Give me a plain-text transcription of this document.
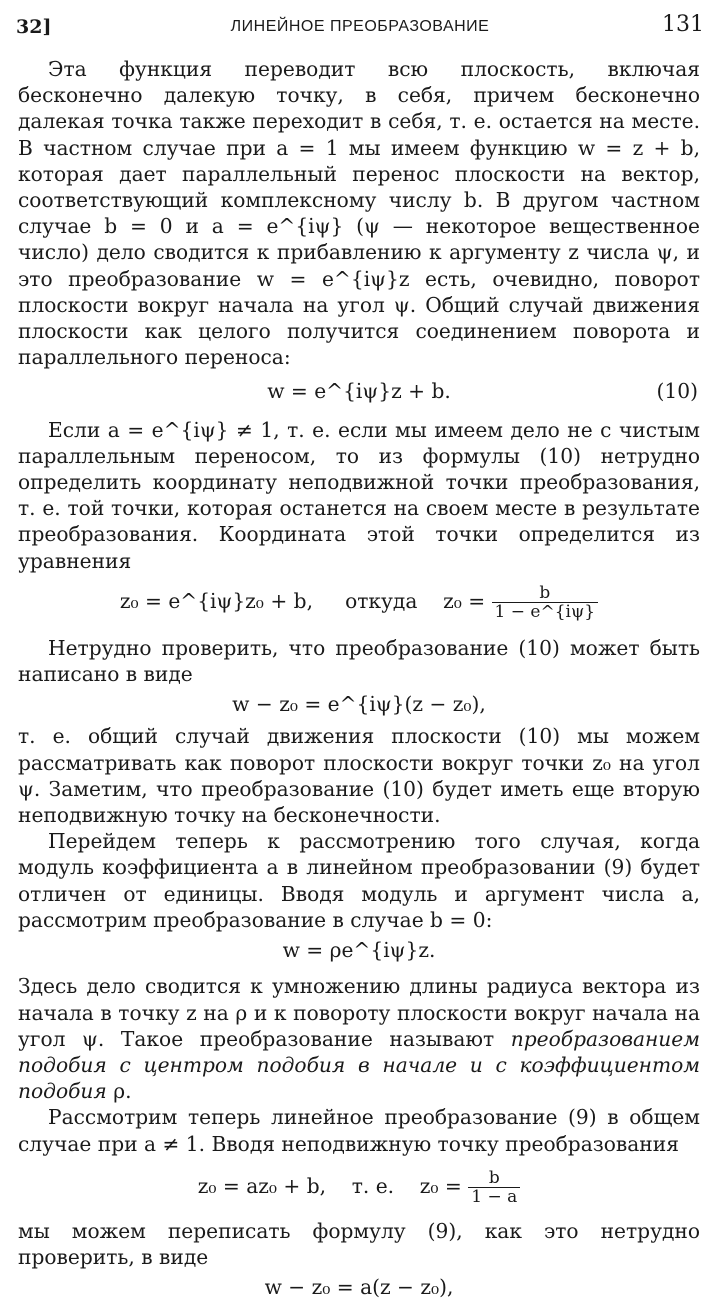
32]	ЛИНЕЙНОЕ ПРЕОБРАЗОВАНИЕ	131

Эта функция переводит всю плоскость, включая бесконечно далекую точку, в себя, причем бесконечно далекая точка также переходит в себя, т. е. остается на месте. В частном случае при a = 1 мы имеем функцию w = z + b, которая дает параллельный перенос плоскости на вектор, соответствующий комплексному числу b. В другом частном случае b = 0 и a = e^{iψ} (ψ — некоторое вещественное число) дело сводится к прибавлению к аргументу z числа ψ, и это преобразование w = e^{iψ}z есть, очевидно, поворот плоскости вокруг начала на угол ψ. Общий случай движения плоскости как целого получится соединением поворота и параллельного переноса:

w = e^{iψ}z + b.	(10)

Если a = e^{iψ} ≠ 1, т. е. если мы имеем дело не с чистым параллельным переносом, то из формулы (10) нетрудно определить координату неподвижной точки преобразования, т. е. той точки, которая останется на своем месте в результате преобразования. Координата этой точки определится из уравнения

z₀ = e^{iψ}z₀ + b, откуда $z_0 = \frac{b}{1 - e\^{}\{i\psi\}}$

Нетрудно проверить, что преобразование (10) может быть написано в виде

w − z₀ = e^{iψ}(z − z₀),

т. е. общий случай движения плоскости (10) мы можем рассматривать как поворот плоскости вокруг точки z₀ на угол ψ. Заметим, что преобразование (10) будет иметь еще вторую неподвижную точку на бесконечности.

Перейдем теперь к рассмотрению того случая, когда модуль коэффициента a в линейном преобразовании (9) будет отличен от единицы. Вводя модуль и аргумент числа a, рассмотрим преобразование в случае b = 0:

w = ρe^{iψ}z.

Здесь дело сводится к умножению длины радиуса вектора из начала в точку z на ρ и к повороту плоскости вокруг начала на угол ψ. Такое преобразование называют преобразованием подобия с центром подобия в начале и с коэффициентом подобия ρ.

Рассмотрим теперь линейное преобразование (9) в общем случае при a ≠ 1. Вводя неподвижную точку преобразования

z₀ = az₀ + b, т. е. $z_0 = \frac{b}{1 - a}$

мы можем переписать формулу (9), как это нетрудно проверить, в виде

w − z₀ = a(z − z₀),
